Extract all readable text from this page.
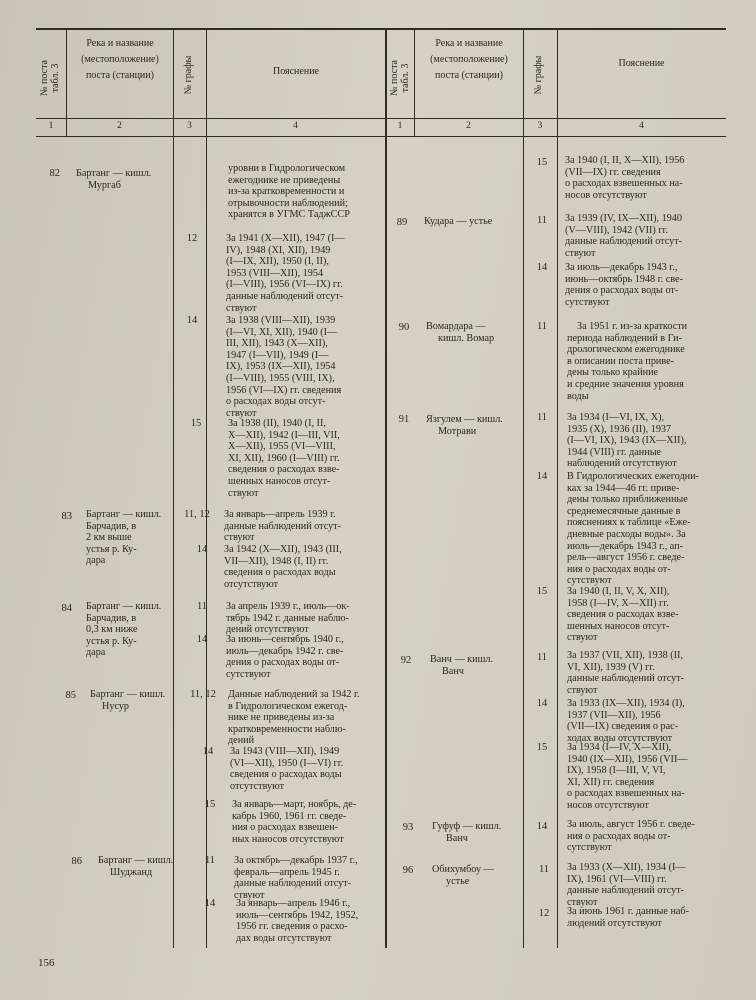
№ поста
табл. 3
Река и название
(местоположение)
поста (станции)	№ графы	Пояснение
1	2	3	4
№ поста
табл. 3
Река и название
(местоположение)
поста (станции)	№ графы	Пояснение
1	2	3	4
82 Бартанг — кишл.
Мургаб
уровни в Гидрологическом
ежегоднике не приведены
из-за кратковременности и
отрывочности наблюдений;
хранятся в УГМС ТаджССР
12	За 1941 (X—XII), 1947 (I—
IV), 1948 (XI, XII), 1949
(I—IX, XII), 1950 (I, II),
1953 (VIII—XII), 1954
(I—VIII), 1956 (VI—IX) гг.
данные наблюдений отсут-
ствуют
14	За 1938 (VIII—XII), 1939
(I—VI, XI, XII), 1940 (I—
III, XII), 1943 (X—XII),
1947 (I—VII), 1949 (I—
IX), 1953 (IX—XII), 1954
(I—VIII), 1955 (VIII, IX),
1956 (VI—IX) гг. сведения
о расходах воды отсут-
ствуют
15	За 1938 (II), 1940 (I, II,
X—XII), 1942 (I—III, VII,
X—XII), 1955 (VI—VIII,
XI, XII), 1960 (I—VIII) гг.
сведения о расходах взве-
шенных наносов отсут-
ствуют
83 Бартанг — кишл.
Барчадив, в
2 км выше
устья р. Ку-
дара
11, 12	За январь—апрель 1939 г.
данные наблюдений отсут-
ствуют
14	За 1942 (X—XII), 1943 (III,
VII—XII), 1948 (I, II) гг.
сведения о расходах воды
отсутствуют
84 Бартанг — кишл.
Барчадив, в
0,3 км ниже
устья р. Ку-
дара
11	За апрель 1939 г., июль—ок-
тябрь 1942 г. данные наблю-
дений отсутствуют
14	За июнь—сентябрь 1940 г.,
июль—декабрь 1942 г. све-
дения о расходах воды от-
сутствуют
85 Бартанг — кишл.
Нусур
11, 12	Данные наблюдений за 1942 г.
в Гидрологическом ежегод-
нике не приведены из-за
кратковременности наблю-
дений
14	За 1943 (VIII—XII), 1949
(VI—XII), 1950 (I—VI) гг.
сведения о расходах воды
отсутствуют
15	За январь—март, ноябрь, де-
кабрь 1960, 1961 гг. сведе-
ния о расходах взвешен-
ных наносов отсутствуют
86 Бартанг — кишл.
Шуджанд
11	За октябрь—декабрь 1937 г.,
февраль—апрель 1945 г.
данные наблюдений отсут-
ствуют
14	За январь—апрель 1946 г.,
июль—сентябрь 1942, 1952,
1956 гг. сведения о расхо-
дах воды отсутствуют
15	За 1940 (I, II, X—XII), 1956
(VII—IX) гг. сведения
о расходах взвешенных на-
носов отсутствуют
89	Кудара — устье	11	За 1939 (IV, IX—XII), 1940
(V—VIII), 1942 (VII) гг.
данные наблюдений отсут-
ствуют
14	За июль—декабрь 1943 г.,
июнь—октябрь 1948 г. све-
дения о расходах воды от-
сутствуют
90	Вомардара —
кишл. Вомар
11	За 1951 г. из-за краткости
периода наблюдений в Ги-
дрологическом ежегоднике
в описании поста приве-
дены только крайние
и средние значения уровня
воды
91	Язгулем — кишл.
Мотрави
11	За 1934 (I—VI, IX, X),
1935 (X), 1936 (II), 1937
(I—VI, IX), 1943 (IX—XII),
1944 (VIII) гг. данные
наблюдений отсутствуют
14	В Гидрологических ежегодни-
ках за 1944—46 гг. приве-
дены только приближенные
среднемесячные данные в
пояснениях к таблице «Еже-
дневные расходы воды». За
июль—декабрь 1943 г., ап-
рель—август 1956 г. сведе-
ния о расходах воды от-
сутствуют
15	За 1940 (I, II, V, X, XII),
1958 (I—IV, X—XII) гг.
сведения о расходах взве-
шенных наносов отсут-
ствуют
92	Ванч — кишл.
Ванч
11	За 1937 (VII, XII), 1938 (II,
VI, XII), 1939 (V) гг.
данные наблюдений отсут-
ствуют
14	За 1933 (IX—XII), 1934 (I),
1937 (VII—XII), 1956
(VII—IX) сведения о рас-
ходах воды отсутствуют
15	За 1934 (I—IV, X—XII),
1940 (IX—XII), 1956 (VII—
IX), 1958 (I—III, V, VI,
XI, XII) гг. сведения
о расходах взвешенных на-
носов отсутствуют
93	Гуфуф — кишл.
Ванч
14	За июль, август 1956 г. сведе-
ния о расходах воды от-
сутствуют
96	Обихумбоу —
устье
11	За 1933 (X—XII), 1934 (I—
IX), 1961 (VI—VIII) гг.
данные наблюдений отсут-
ствуют
12	За июнь 1961 г. данные наб-
людений отсутствуют
156
